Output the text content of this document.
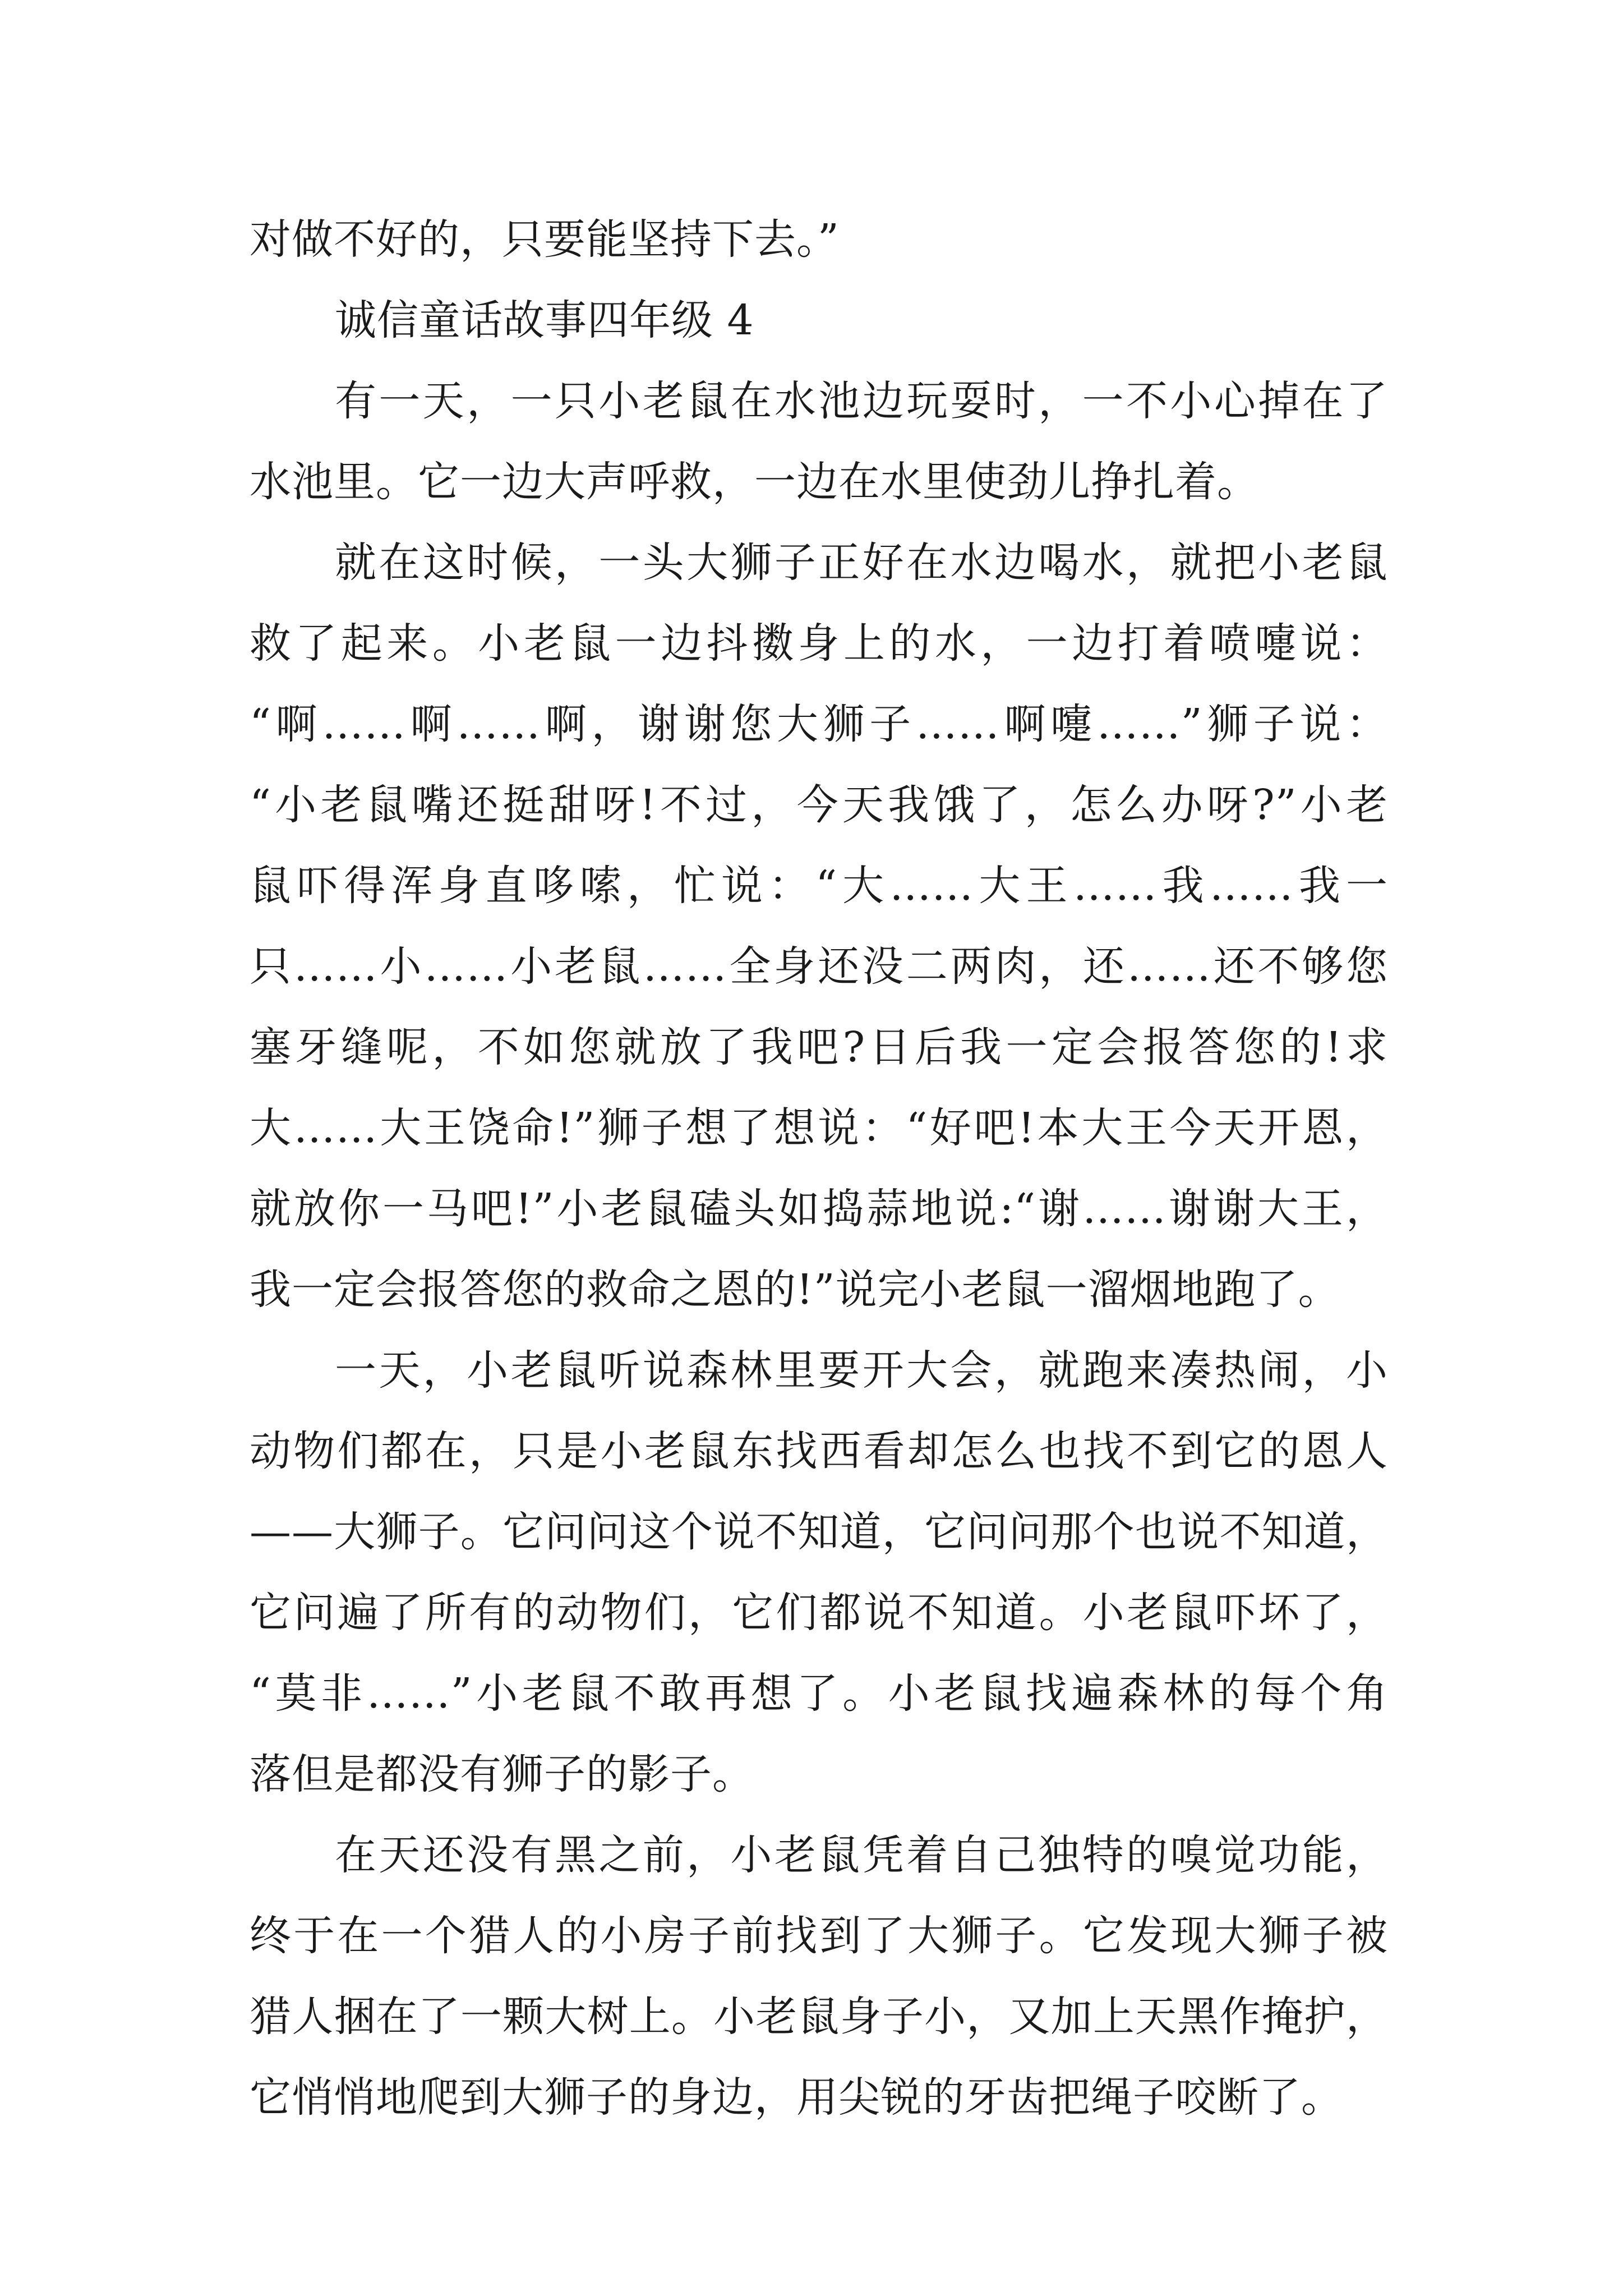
对做不好的，只要能坚持下去。”
诚信童话故事四年级 4
有一天，一只小老鼠在水池边玩耍时，一不小心掉在了
水池里。它一边大声呼救，一边在水里使劲儿挣扎着。
就在这时候，一头大狮子正好在水边喝水，就把小老鼠
救了起来。小老鼠一边抖擞身上的水，一边打着喷嚏说：
“啊……啊……啊，谢谢您大狮子……啊嚏……”狮子说：
“小老鼠嘴还挺甜呀!不过，今天我饿了，怎么办呀?”小老
鼠吓得浑身直哆嗦，忙说：“大……大王……我……我一
只……小……小老鼠……全身还没二两肉，还……还不够您
塞牙缝呢，不如您就放了我吧?日后我一定会报答您的!求
大……大王饶命!”狮子想了想说：“好吧!本大王今天开恩，
就放你一马吧!”小老鼠磕头如捣蒜地说:“谢……谢谢大王，
我一定会报答您的救命之恩的!”说完小老鼠一溜烟地跑了。
一天，小老鼠听说森林里要开大会，就跑来凑热闹，小
动物们都在，只是小老鼠东找西看却怎么也找不到它的恩人
——大狮子。它问问这个说不知道，它问问那个也说不知道，
它问遍了所有的动物们，它们都说不知道。小老鼠吓坏了，
“莫非……”小老鼠不敢再想了。小老鼠找遍森林的每个角
落但是都没有狮子的影子。
在天还没有黑之前，小老鼠凭着自己独特的嗅觉功能，
终于在一个猎人的小房子前找到了大狮子。它发现大狮子被
猎人捆在了一颗大树上。小老鼠身子小，又加上天黑作掩护，
它悄悄地爬到大狮子的身边，用尖锐的牙齿把绳子咬断了。
